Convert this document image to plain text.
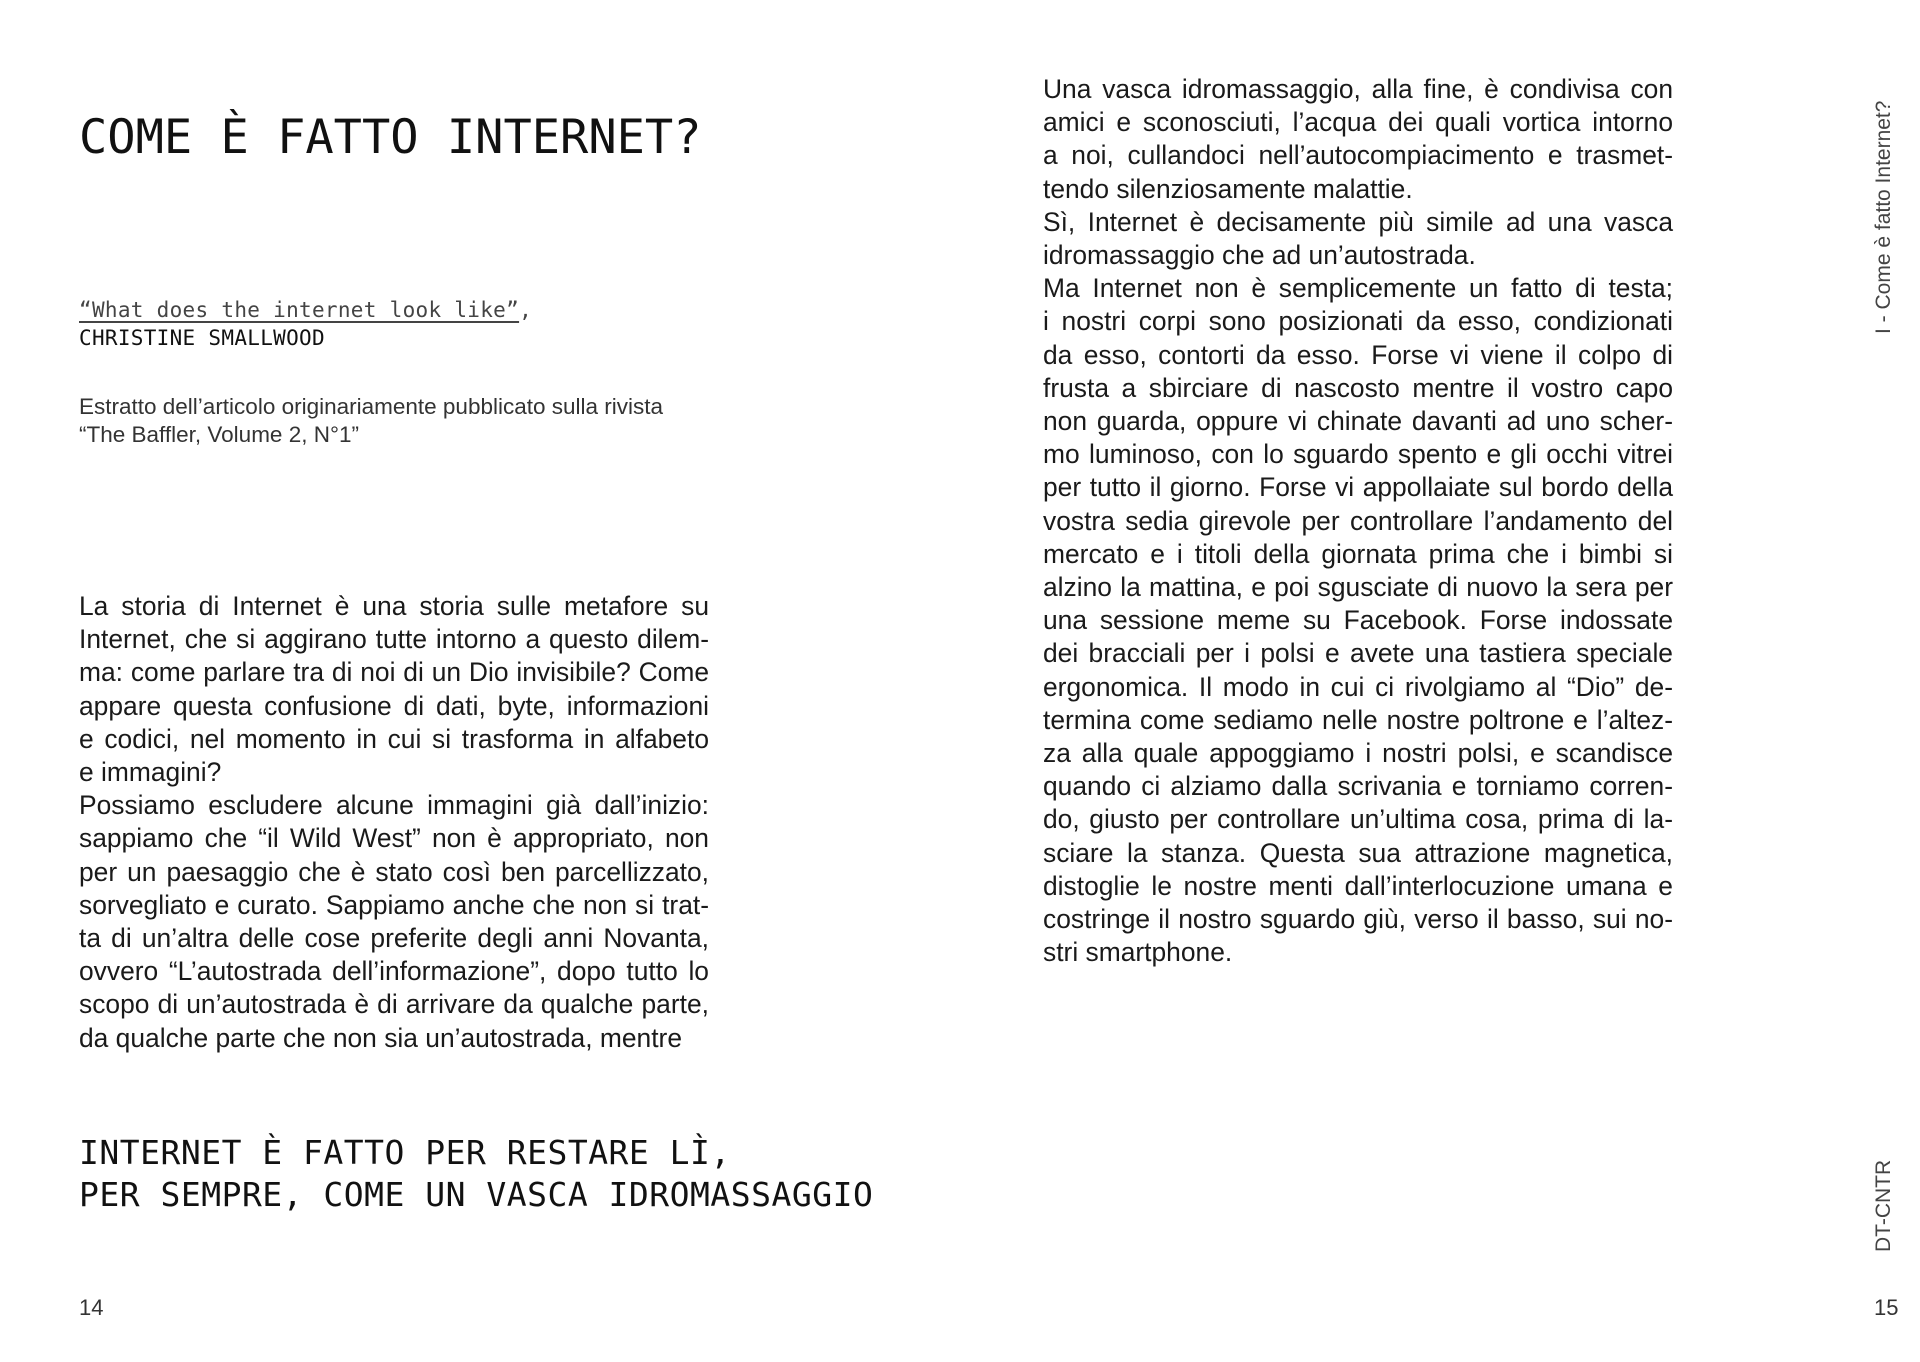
COME È FATTO INTERNET?
“What does the internet look like”,
CHRISTINE SMALLWOOD

Estratto dell’articolo originariamente pubblicato sulla rivista
“The Baffler, Volume 2, N°1”

La storia di Internet è una storia sulle metafore su
Internet, che si aggirano tutte intorno a questo dilem-
ma: come parlare tra di noi di un Dio invisibile? Come
appare questa confusione di dati, byte, informazioni
e codici, nel momento in cui si trasforma in alfabeto
e immagini?
Possiamo escludere alcune immagini già dall’inizio:
sappiamo che “il Wild West” non è appropriato, non
per un paesaggio che è stato così ben parcellizzato,
sorvegliato e curato. Sappiamo anche che non si trat-
ta di un’altra delle cose preferite degli anni Novanta,
ovvero “L’autostrada dell’informazione”, dopo tutto lo
scopo di un’autostrada è di arrivare da qualche parte,
da qualche parte che non sia un’autostrada, mentre
INTERNET È FATTO PER RESTARE LÌ,
PER SEMPRE, COME UN VASCA IDROMASSAGGIO
14
Una vasca idromassaggio, alla fine, è condivisa con
amici e sconosciuti, l’acqua dei quali vortica intorno
a noi, cullandoci nell’autocompiacimento e trasmet-
tendo silenziosamente malattie.
Sì, Internet è decisamente più simile ad una vasca
idromassaggio che ad un’autostrada.
Ma Internet non è semplicemente un fatto di testa;
i nostri corpi sono posizionati da esso, condizionati
da esso, contorti da esso. Forse vi viene il colpo di
frusta a sbirciare di nascosto mentre il vostro capo
non guarda, oppure vi chinate davanti ad uno scher-
mo luminoso, con lo sguardo spento e gli occhi vitrei
per tutto il giorno. Forse vi appollaiate sul bordo della
vostra sedia girevole per controllare l’andamento del
mercato e i titoli della giornata prima che i bimbi si
alzino la mattina, e poi sgusciate di nuovo la sera per
una sessione meme su Facebook. Forse indossate
dei bracciali per i polsi e avete una tastiera speciale
ergonomica. Il modo in cui ci rivolgiamo al “Dio” de-
termina come sediamo nelle nostre poltrone e l’altez-
za alla quale appoggiamo i nostri polsi, e scandisce
quando ci alziamo dalla scrivania e torniamo corren-
do, giusto per controllare un’ultima cosa, prima di la-
sciare la stanza. Questa sua attrazione magnetica,
distoglie le nostre menti dall’interlocuzione umana e
costringe il nostro sguardo giù, verso il basso, sui no-
stri smartphone.
I - Come è fatto Internet?
DT-CNTR
15
